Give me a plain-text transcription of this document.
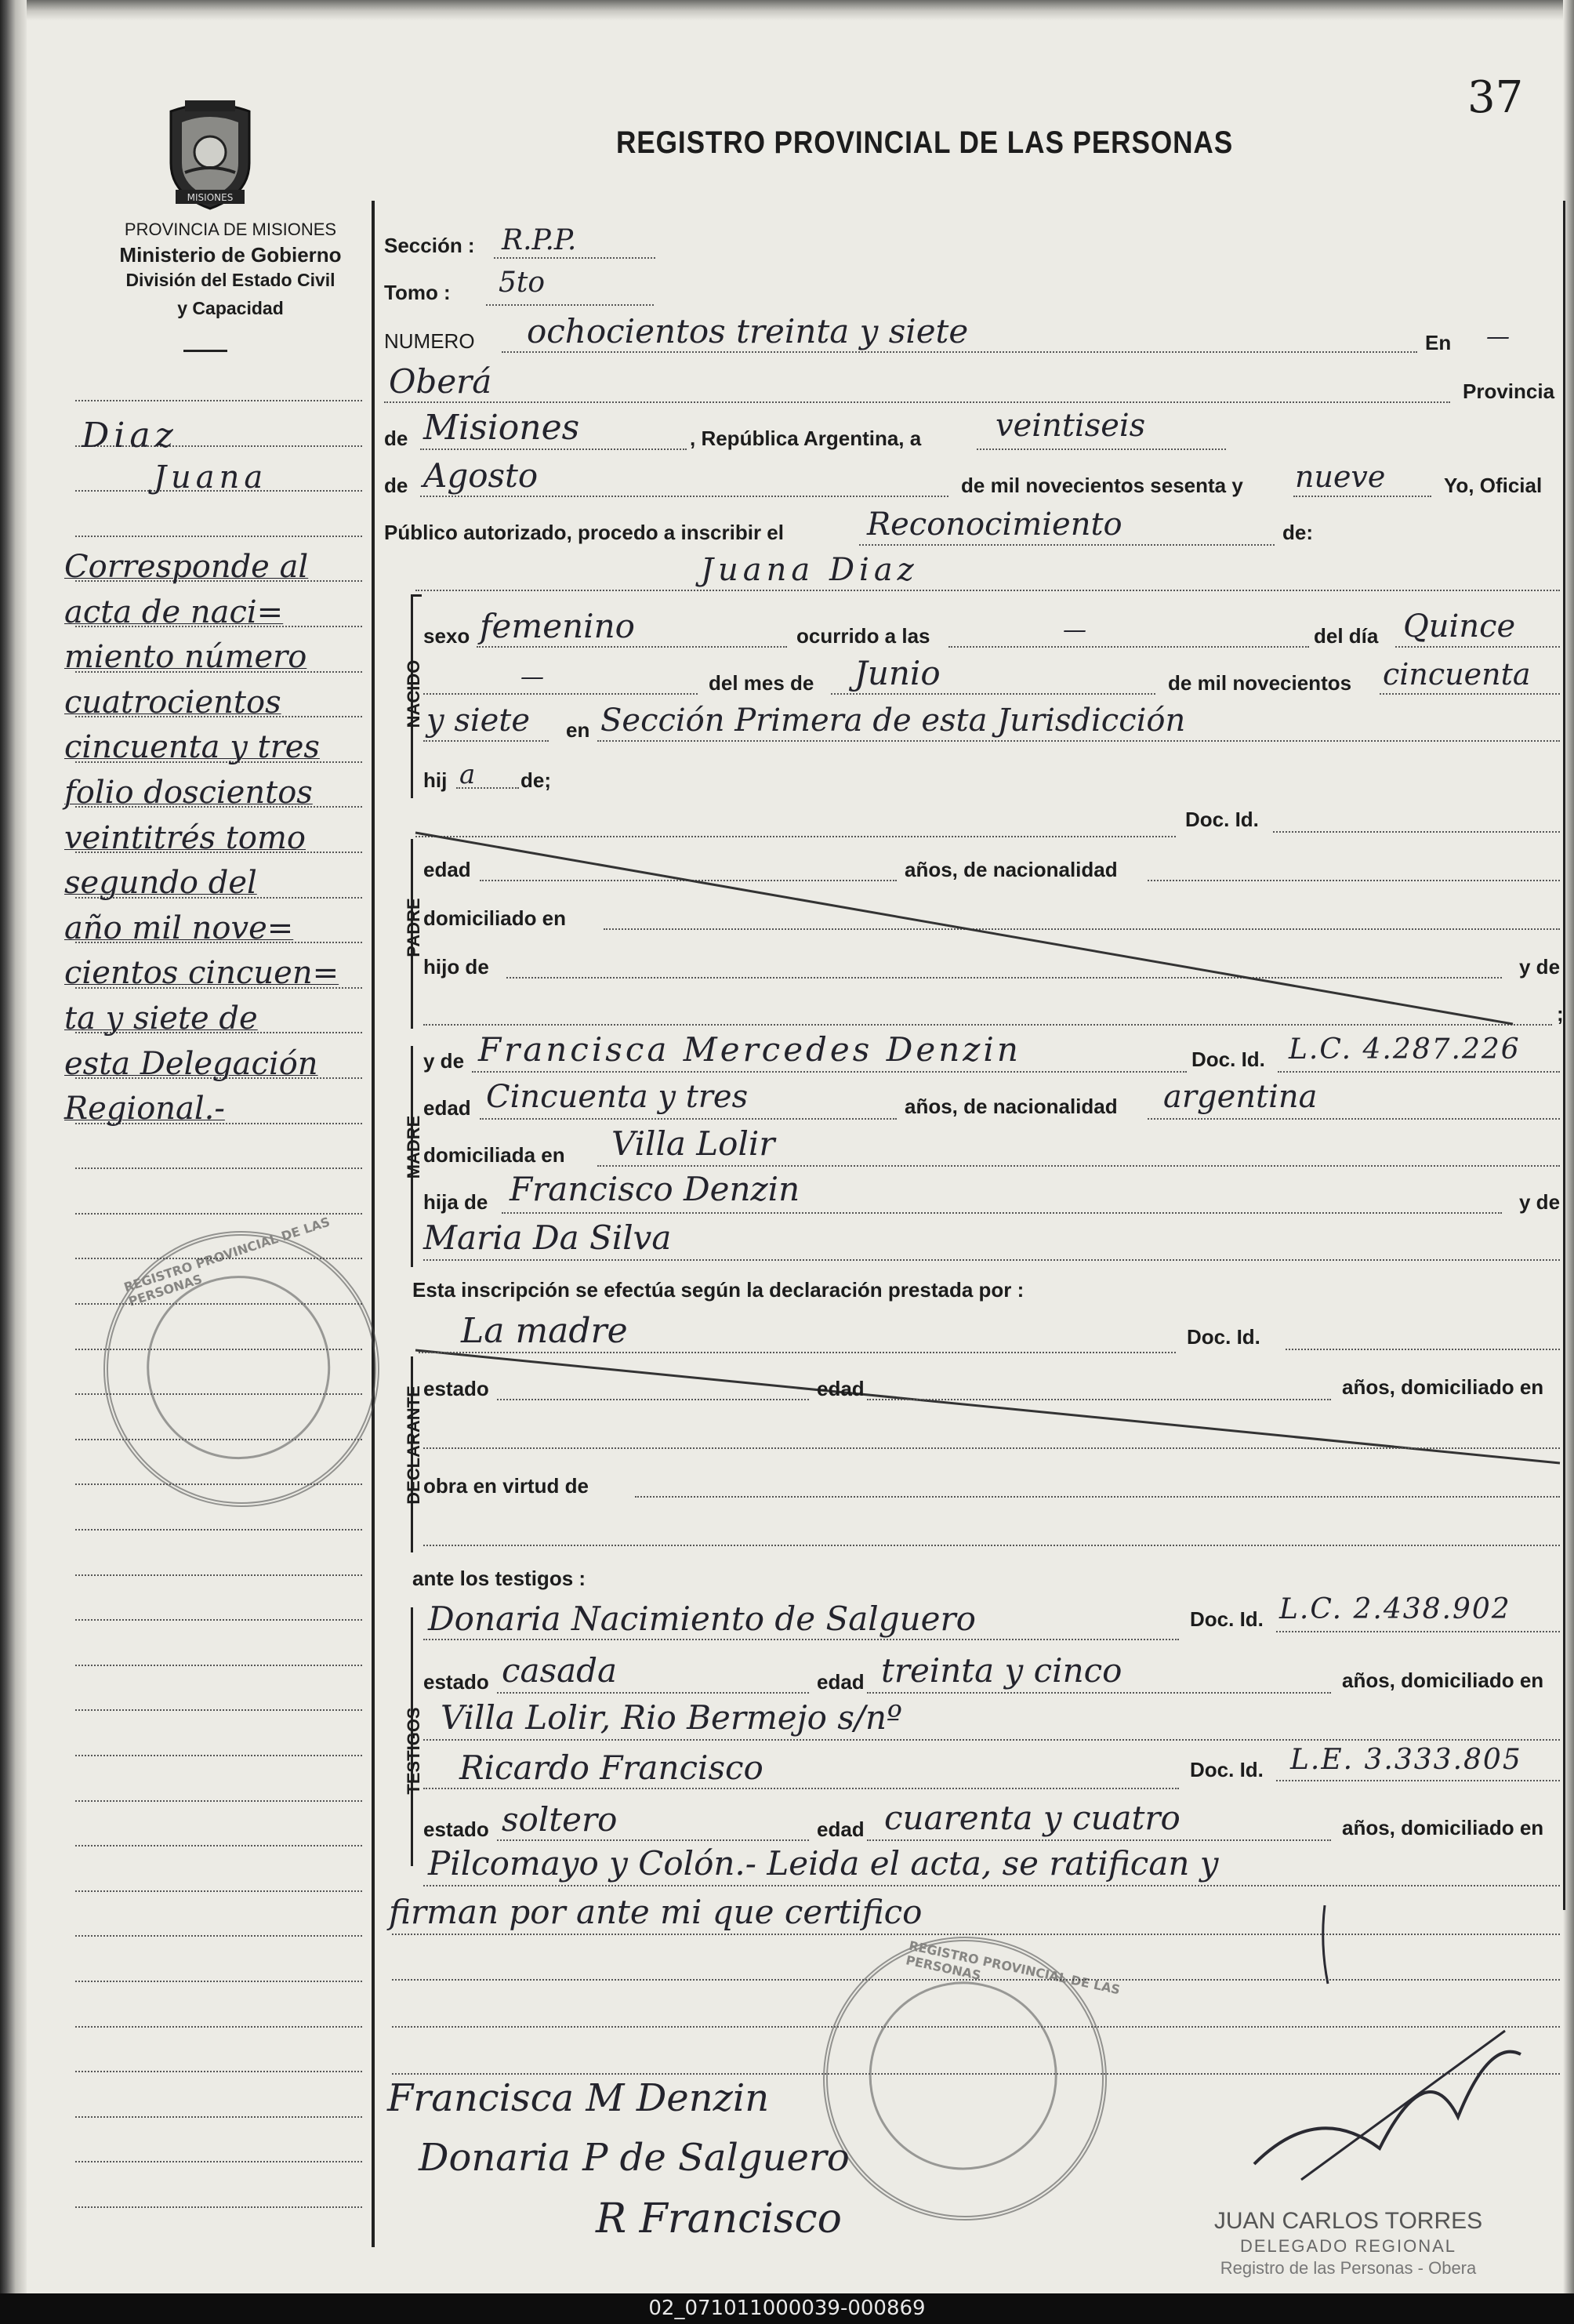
37
REGISTRO PROVINCIAL DE LAS PERSONAS
MISIONES
PROVINCIA DE MISIONES
Ministerio de Gobierno
División del Estado Civil
y Capacidad
Diaz
Juana
Corresponde al
acta de naci=
miento número
cuatrocientos
cincuenta y tres
folio doscientos
veintitrés tomo
segundo del
año mil nove=
cientos cincuen=
ta y siete de
esta Delegación
Regional.-
Sección : R.P.P.
Tomo : 5to
NUMERO ochocientos treinta y siete	En —
Oberá	Provincia
de Misiones	, República Argentina, a veintiseis
de Agosto	de mil novecientos sesenta y nueve	Yo, Oficial
Público autorizado, procedo a inscribir el	Reconocimiento	de:
Juana Diaz
NACIDO
sexo femenino	ocurrido a las	—	del día Quince
—	del mes de Junio	de mil novecientos cincuenta
y siete en Sección Primera de esta Jurisdicción
hij a de;
Doc. Id.
PADRE
edad	años, de nacionalidad
domiciliado en
hijo de	y de
;
MADRE
y de Francisca Mercedes Denzin	Doc. Id. L.C. 4.287.226
edad Cincuenta y tres	años, de nacionalidad argentina
domiciliada en Villa Lolir
hija de Francisco Denzin	y de
Maria Da Silva
Esta inscripción se efectúa según la declaración prestada por :
La madre	Doc. Id.
DECLARANTE estado	edad	años, domiciliado en
obra en virtud de
ante los testigos :
TESTIGOS
Donaria Nacimiento de Salguero	Doc. Id. L.C. 2.438.902
estado casada	edad treinta y cinco	años, domiciliado en
Villa Lolir, Rio Bermejo s/nº
Ricardo Francisco	Doc. Id. L.E. 3.333.805
estado soltero	edad cuarenta y cuatro	años, domiciliado en
Pilcomayo y Colón.- Leida el acta, se ratifican y
firman por ante mi que certifico
REGISTRO PROVINCIAL DE LAS PERSONAS
REGISTRO PROVINCIAL DE LAS PERSONAS
Francisca M Denzin
Donaria P de Salguero
R Francisco	JUAN CARLOS TORRES
DELEGADO REGIONAL
Registro de las Personas - Obera
02_071011000039-000869
